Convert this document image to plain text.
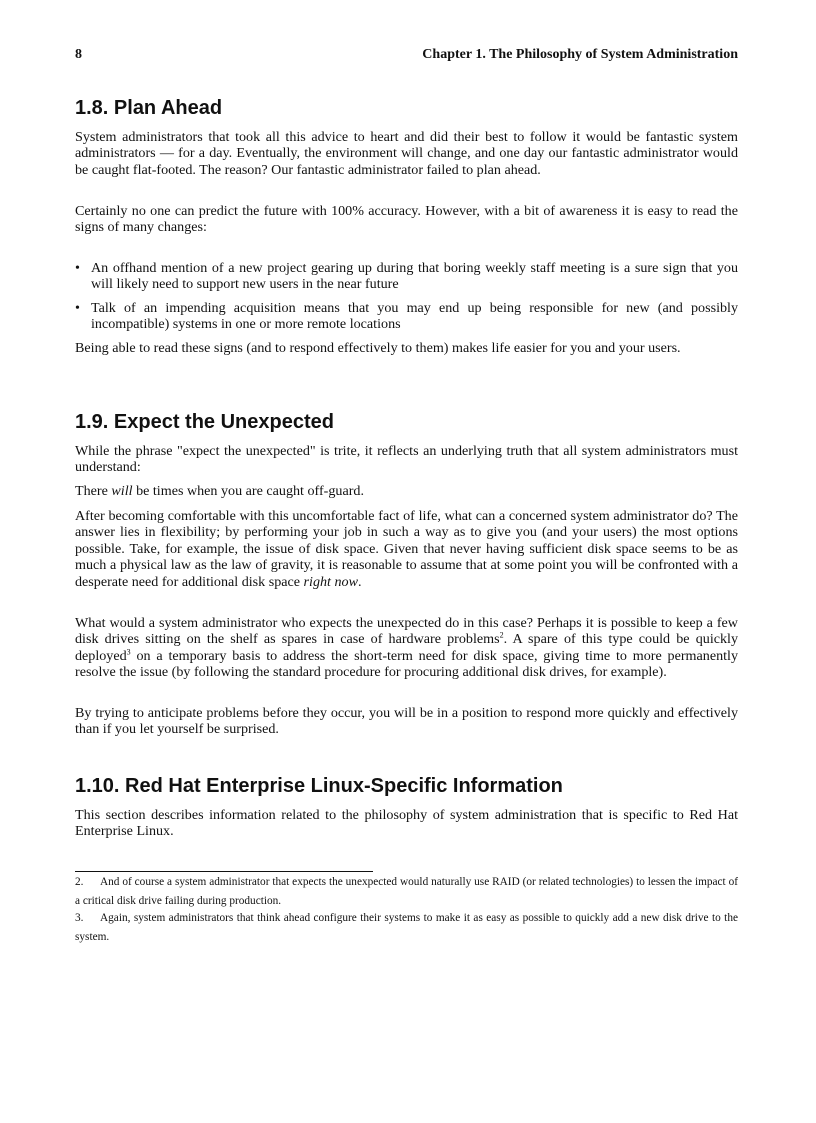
8	Chapter 1. The Philosophy of System Administration
1.8. Plan Ahead

System administrators that took all this advice to heart and did their best to follow it would be fantastic system administrators — for a day. Eventually, the environment will change, and one day our fantastic administrator would be caught flat-footed. The reason? Our fantastic administrator failed to plan ahead.

Certainly no one can predict the future with 100% accuracy. However, with a bit of awareness it is easy to read the signs of many changes:

• An offhand mention of a new project gearing up during that boring weekly staff meeting is a sure sign that you will likely need to support new users in the near future
• Talk of an impending acquisition means that you may end up being responsible for new (and possibly incompatible) systems in one or more remote locations

Being able to read these signs (and to respond effectively to them) makes life easier for you and your users.

1.9. Expect the Unexpected

While the phrase "expect the unexpected" is trite, it reflects an underlying truth that all system administrators must understand:

There will be times when you are caught off-guard.

After becoming comfortable with this uncomfortable fact of life, what can a concerned system administrator do? The answer lies in flexibility; by performing your job in such a way as to give you (and your users) the most options possible. Take, for example, the issue of disk space. Given that never having sufficient disk space seems to be as much a physical law as the law of gravity, it is reasonable to assume that at some point you will be confronted with a desperate need for additional disk space right now.

What would a system administrator who expects the unexpected do in this case? Perhaps it is possible to keep a few disk drives sitting on the shelf as spares in case of hardware problems$^2$. A spare of this type could be quickly deployed$^3$ on a temporary basis to address the short-term need for disk space, giving time to more permanently resolve the issue (by following the standard procedure for procuring additional disk drives, for example).

By trying to anticipate problems before they occur, you will be in a position to respond more quickly and effectively than if you let yourself be surprised.

1.10. Red Hat Enterprise Linux-Specific Information

This section describes information related to the philosophy of system administration that is specific to Red Hat Enterprise Linux.

2. And of course a system administrator that expects the unexpected would naturally use RAID (or related technologies) to lessen the impact of a critical disk drive failing during production.

3. Again, system administrators that think ahead configure their systems to make it as easy as possible to quickly add a new disk drive to the system.
